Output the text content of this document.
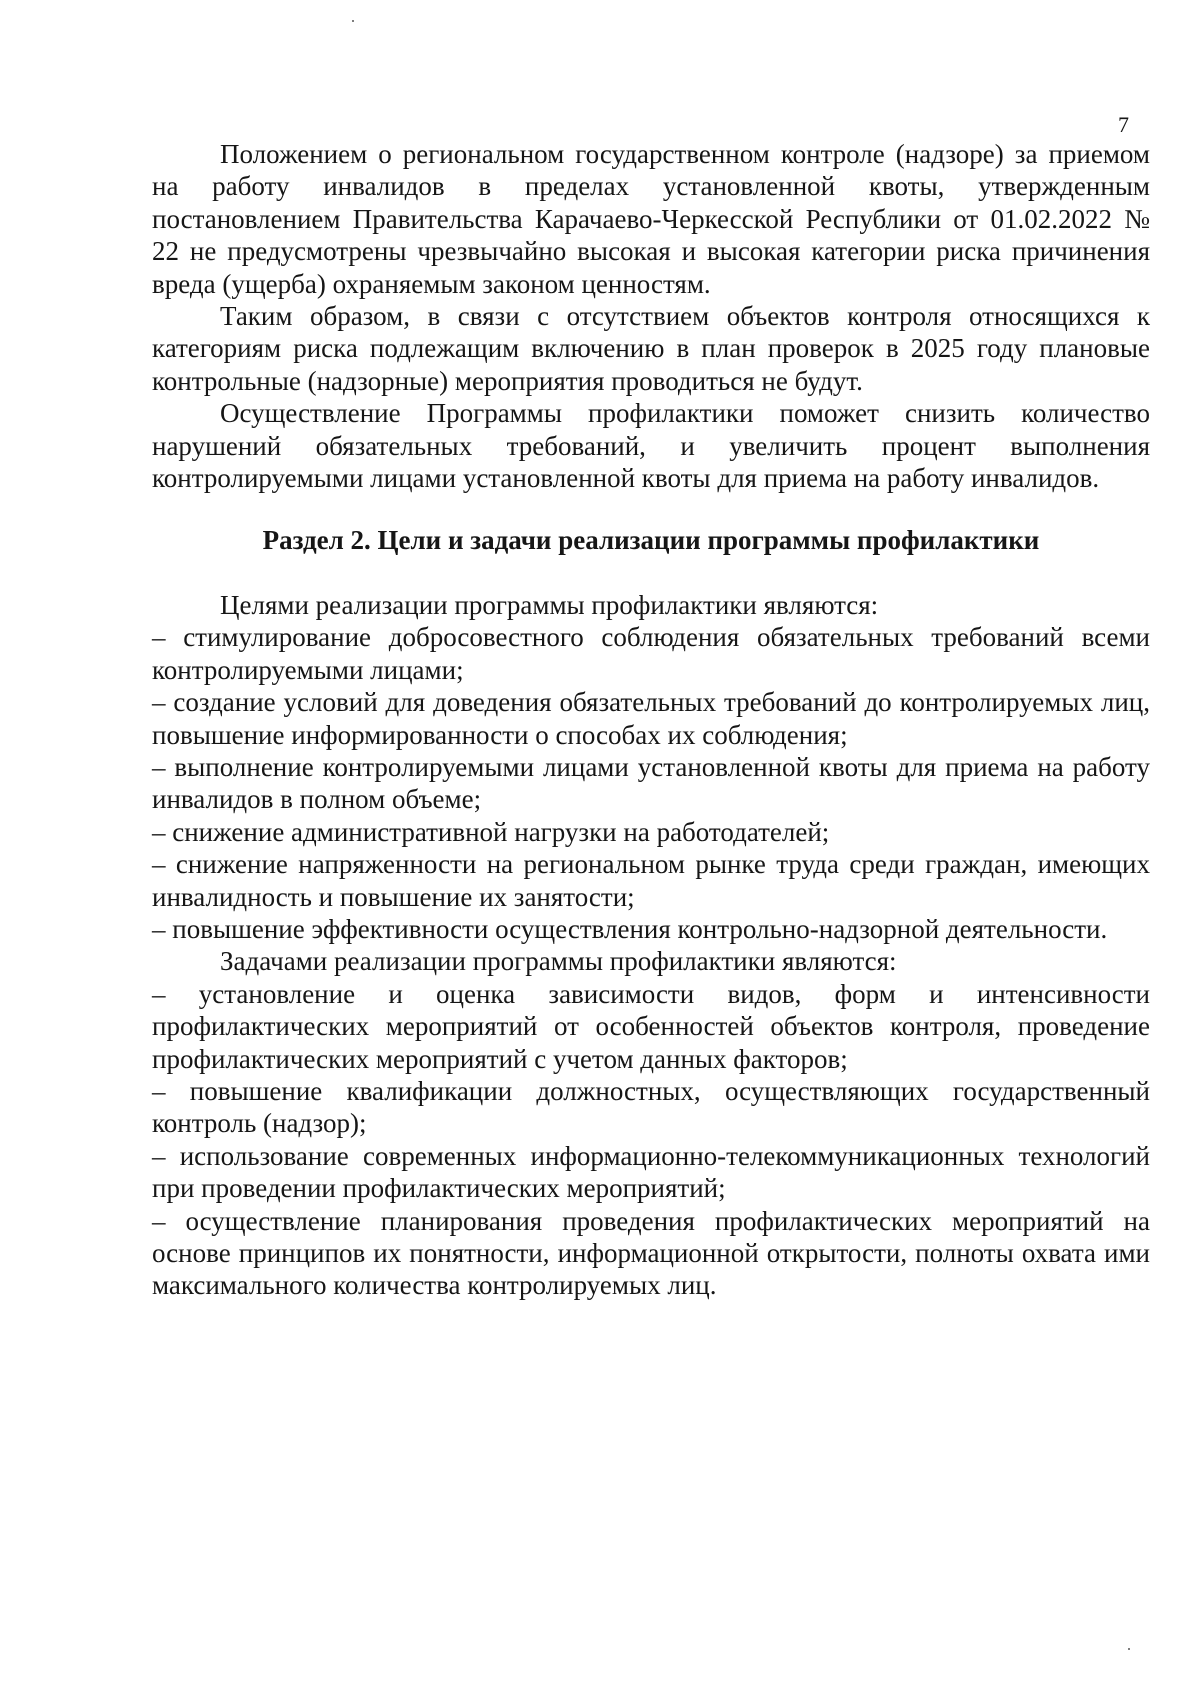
7

Положением о региональном государственном контроле (надзоре) за приемом на работу инвалидов в пределах установленной квоты, утвержденным постановлением Правительства Карачаево-Черкесской Республики от 01.02.2022 № 22 не предусмотрены чрезвычайно высокая и высокая категории риска причинения вреда (ущерба) охраняемым законом ценностям.

Таким образом, в связи с отсутствием объектов контроля относящихся к категориям риска подлежащим включению в план проверок в 2025 году плановые контрольные (надзорные) мероприятия проводиться не будут.

Осуществление Программы профилактики поможет снизить количество нарушений обязательных требований, и увеличить процент выполнения контролируемыми лицами установленной квоты для приема на работу инвалидов.

Раздел 2. Цели и задачи реализации программы профилактики

Целями реализации программы профилактики являются:

– стимулирование добросовестного соблюдения обязательных требований всеми контролируемыми лицами;

– создание условий для доведения обязательных требований до контролируемых лиц, повышение информированности о способах их соблюдения;

– выполнение контролируемыми лицами установленной квоты для приема на работу инвалидов в полном объеме;

– снижение административной нагрузки на работодателей;

– снижение напряженности на региональном рынке труда среди граждан, имеющих инвалидность и повышение их занятости;

– повышение эффективности осуществления контрольно-надзорной деятельности.

Задачами реализации программы профилактики являются:

– установление и оценка зависимости видов, форм и интенсивности профилактических мероприятий от особенностей объектов контроля, проведение профилактических мероприятий с учетом данных факторов;

– повышение квалификации должностных, осуществляющих государственный контроль (надзор);

– использование современных информационно-телекоммуникационных технологий при проведении профилактических мероприятий;

– осуществление планирования проведения профилактических мероприятий на основе принципов их понятности, информационной открытости, полноты охвата ими максимального количества контролируемых лиц.
